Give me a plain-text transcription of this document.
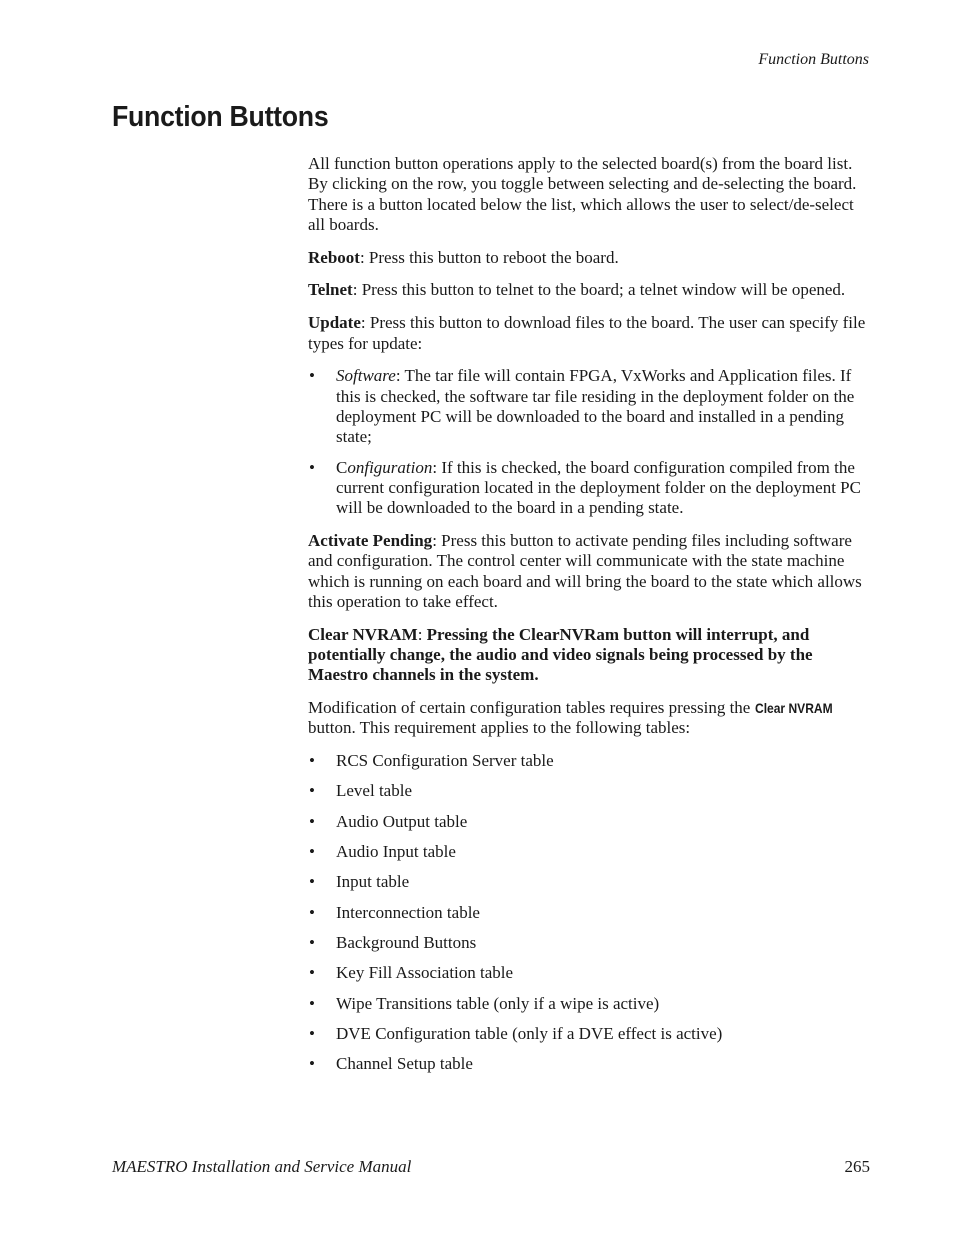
Function Buttons
Function Buttons

All function button operations apply to the selected board(s) from the board list. By clicking on the row, you toggle between selecting and de-selecting the board. There is a button located below the list, which allows the user to select/de-select all boards.

Reboot: Press this button to reboot the board.

Telnet: Press this button to telnet to the board; a telnet window will be opened.

Update: Press this button to download files to the board. The user can specify file types for update:

• Software: The tar file will contain FPGA, VxWorks and Application files. If this is checked, the software tar file residing in the deployment folder on the deployment PC will be downloaded to the board and installed in a pending state;
• Configuration: If this is checked, the board configuration compiled from the current configuration located in the deployment folder on the deployment PC will be downloaded to the board in a pending state.

Activate Pending: Press this button to activate pending files including software and configuration. The control center will communicate with the state machine which is running on each board and will bring the board to the state which allows this operation to take effect.

Clear NVRAM: Pressing the ClearNVRam button will interrupt, and potentially change, the audio and video signals being processed by the Maestro channels in the system.

Modification of certain configuration tables requires pressing the Clear NVRAM button. This requirement applies to the following tables:

• RCS Configuration Server table
• Level table
• Audio Output table
• Audio Input table
• Input table
• Interconnection table
• Background Buttons
• Key Fill Association table
• Wipe Transitions table (only if a wipe is active)
• DVE Configuration table (only if a DVE effect is active)
• Channel Setup table
MAESTRO Installation and Service Manual	265
